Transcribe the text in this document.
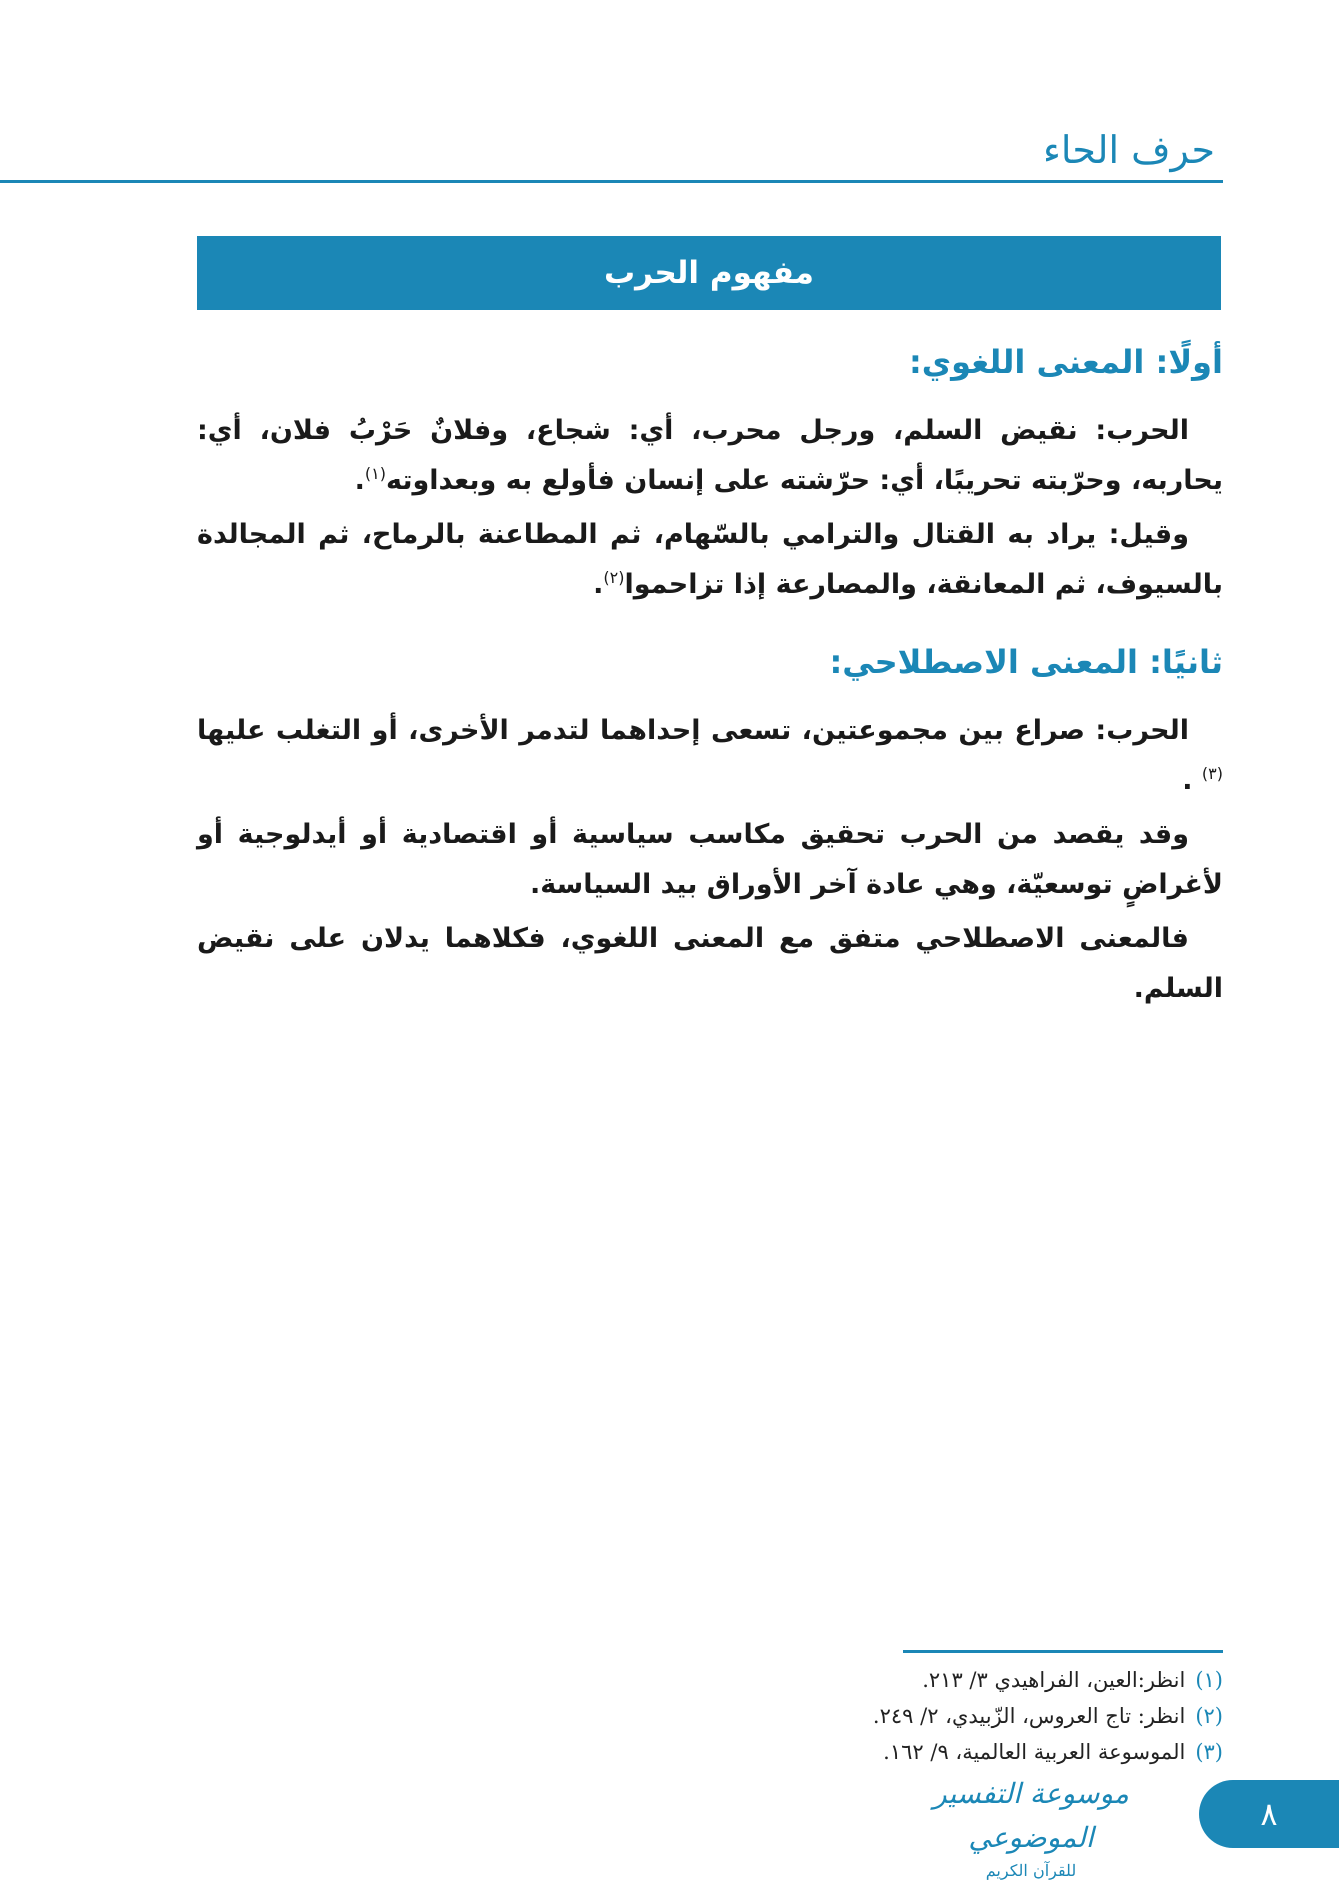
حرف الحاء
مفهوم الحرب
أولًا: المعنى اللغوي:

الحرب: نقيض السلم، ورجل محرب، أي: شجاع، وفلانٌ حَرْبُ فلان، أي: يحاربه، وحرّبته تحريبًا، أي: حرّشته على إنسان فأولع به وبعداوته$^{(١)}$.

وقيل: يراد به القتال والترامي بالسّهام، ثم المطاعنة بالرماح، ثم المجالدة بالسيوف، ثم المعانقة، والمصارعة إذا تزاحموا$^{(٢)}$.

ثانيًا: المعنى الاصطلاحي:

الحرب: صراع بين مجموعتين، تسعى إحداهما لتدمر الأخرى، أو التغلب عليها $^{(٣)}$ .

وقد يقصد من الحرب تحقيق مكاسب سياسية أو اقتصادية أو أيدلوجية أو لأغراضٍ توسعيّة، وهي عادة آخر الأوراق بيد السياسة.

فالمعنى الاصطلاحي متفق مع المعنى اللغوي، فكلاهما يدلان على نقيض السلم.

(١)انظر:العين، الفراهيدي ٣/ ٢١٣.
(٢)انظر: تاج العروس، الزّبيدي، ٢/ ٢٤٩.
(٣)الموسوعة العربية العالمية، ٩/ ١٦٢.
موسوعة التفسير الموضوعي
للقرآن الكريم
٨
